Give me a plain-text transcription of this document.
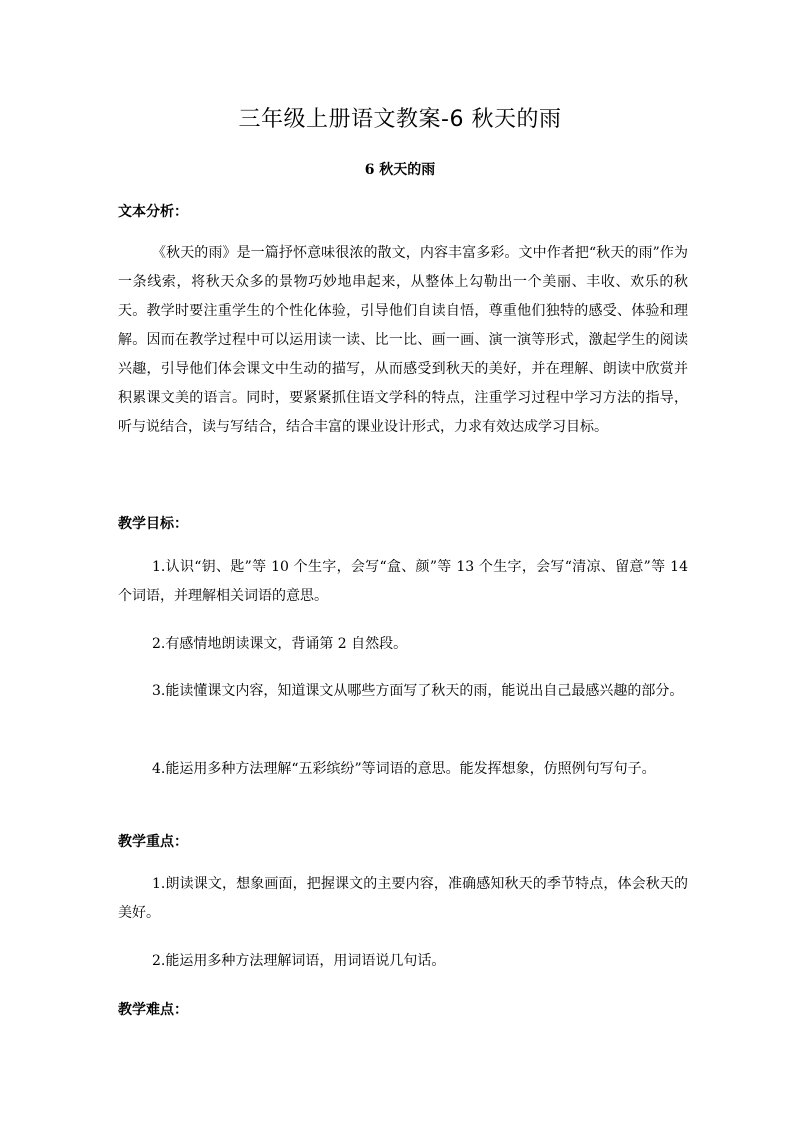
三年级上册语文教案-6 秋天的雨
6 秋天的雨
文本分析：

《秋天的雨》是一篇抒怀意味很浓的散文，内容丰富多彩。文中作者把“秋天的雨”作为一条线索，将秋天众多的景物巧妙地串起来，从整体上勾勒出一个美丽、丰收、欢乐的秋天。教学时要注重学生的个性化体验，引导他们自读自悟，尊重他们独特的感受、体验和理解。因而在教学过程中可以运用读一读、比一比、画一画、演一演等形式，激起学生的阅读兴趣，引导他们体会课文中生动的描写，从而感受到秋天的美好，并在理解、朗读中欣赏并积累课文美的语言。同时，要紧紧抓住语文学科的特点，注重学习过程中学习方法的指导，听与说结合，读与写结合，结合丰富的课业设计形式，力求有效达成学习目标。

教学目标：

1.认识“钥、匙”等 10 个生字，会写“盒、颜”等 13 个生字，会写“清凉、留意”等 14 个词语，并理解相关词语的意思。

2.有感情地朗读课文，背诵第 2 自然段。

3.能读懂课文内容，知道课文从哪些方面写了秋天的雨，能说出自己最感兴趣的部分。

4.能运用多种方法理解“五彩缤纷”等词语的意思。能发挥想象，仿照例句写句子。

教学重点：

1.朗读课文，想象画面，把握课文的主要内容，准确感知秋天的季节特点，体会秋天的美好。

2.能运用多种方法理解词语，用词语说几句话。

教学难点：
